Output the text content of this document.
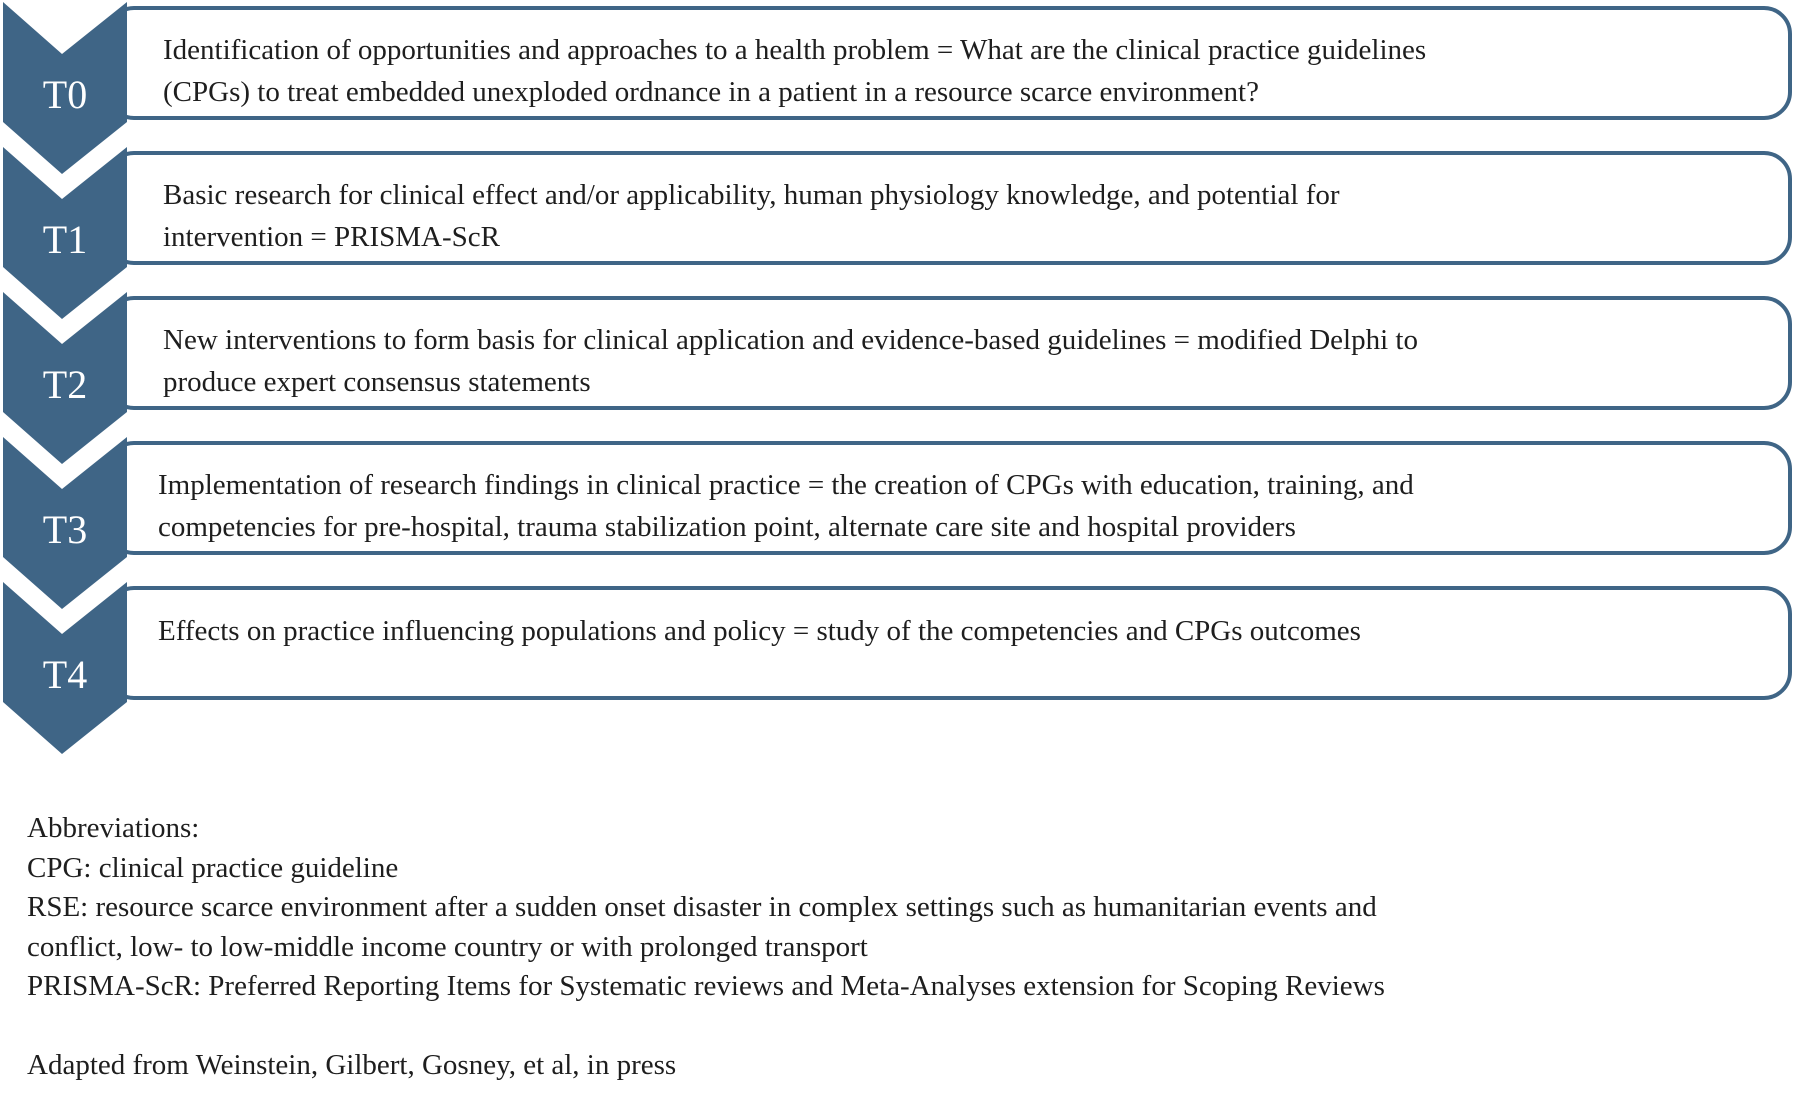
T0
Identification of opportunities and approaches to a health problem = What are the clinical practice guidelines
(CPGs) to treat embedded unexploded ordnance in a patient in a resource scarce environment?
T1
Basic research for clinical effect and/or applicability, human physiology knowledge, and potential for
intervention = PRISMA-ScR
T2
New interventions to form basis for clinical application and evidence-based guidelines = modified Delphi to
produce expert consensus statements
T3
Implementation of research findings in clinical practice = the creation of CPGs with education, training, and
competencies for pre-hospital, trauma stabilization point, alternate care site and hospital providers
T4
Effects on practice influencing populations and policy = study of the competencies and CPGs outcomes
Abbreviations:
CPG: clinical practice guideline
RSE: resource scarce environment after a sudden onset disaster in complex settings such as humanitarian events and
conflict, low- to low-middle income country or with prolonged transport
PRISMA-ScR: Preferred Reporting Items for Systematic reviews and Meta-Analyses extension for Scoping Reviews
Adapted from Weinstein, Gilbert, Gosney, et al, in press
